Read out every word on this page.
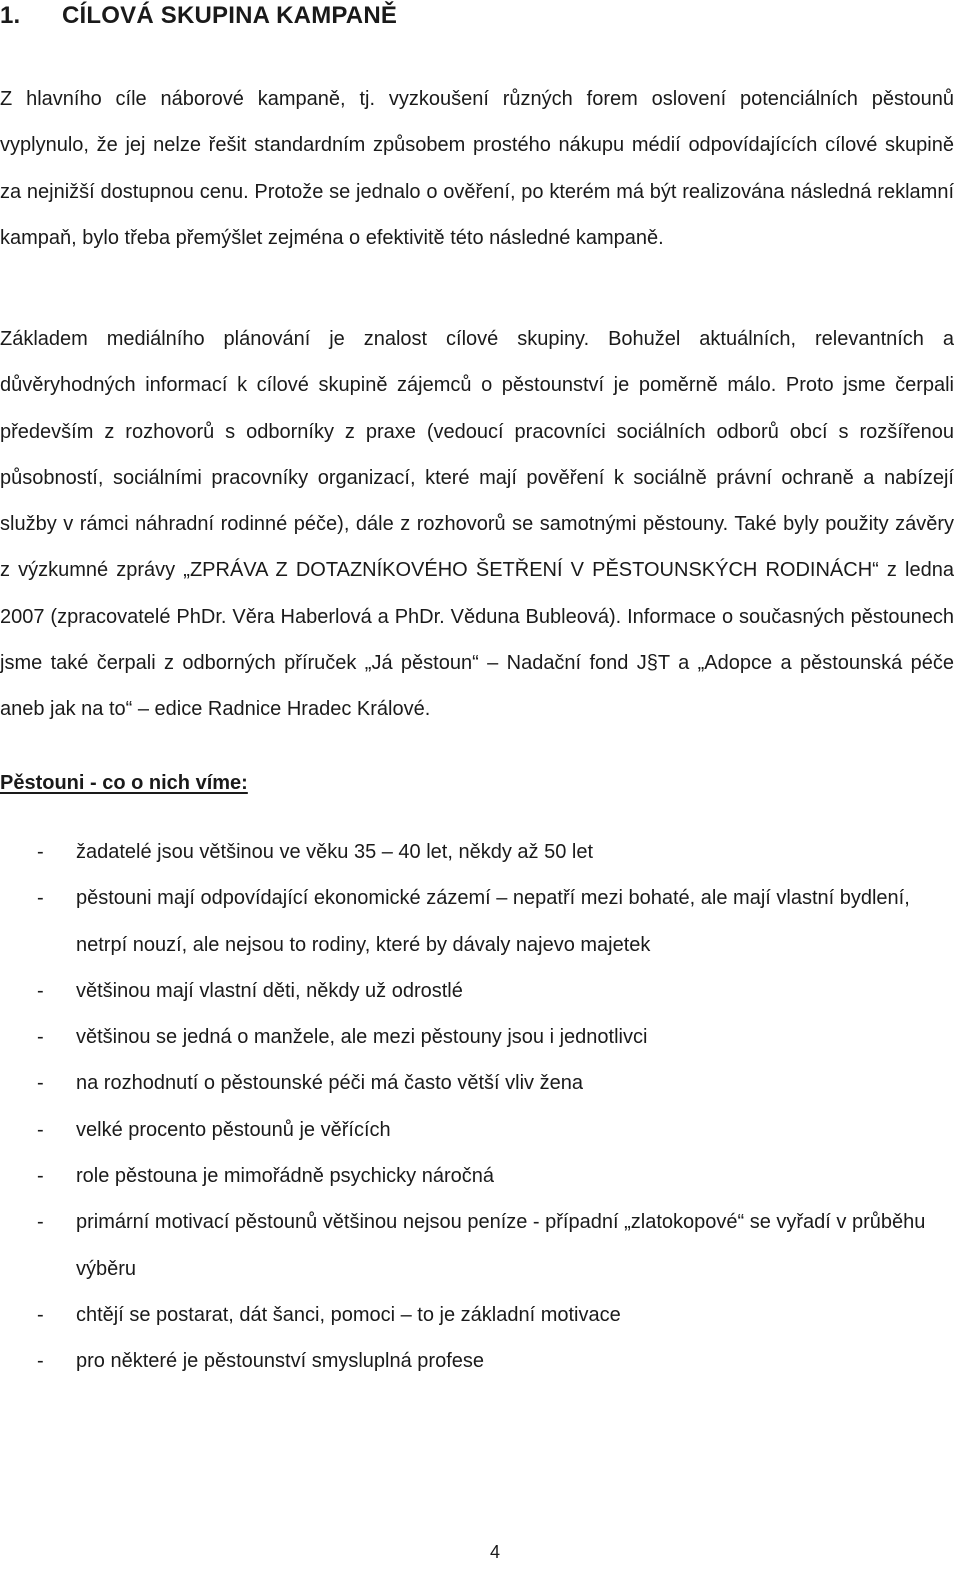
1. CÍLOVÁ SKUPINA KAMPANĚ

Z hlavního cíle náborové kampaně, tj. vyzkoušení různých forem oslovení potenciálních pěstounů vyplynulo, že jej nelze řešit standardním způsobem prostého nákupu médií odpovídajících cílové skupině za nejnižší dostupnou cenu. Protože se jednalo o ověření, po kterém má být realizována následná reklamní kampaň, bylo třeba přemýšlet zejména o efektivitě této následné kampaně.

Základem mediálního plánování je znalost cílové skupiny. Bohužel aktuálních, relevantních a důvěryhodných informací k cílové skupině zájemců o pěstounství je poměrně málo. Proto jsme čerpali především z rozhovorů s odborníky z praxe (vedoucí pracovníci sociálních odborů obcí s rozšířenou působností, sociálními pracovníky organizací, které mají pověření k sociálně právní ochraně a nabízejí služby v rámci náhradní rodinné péče), dále z rozhovorů se samotnými pěstouny. Také byly použity závěry z výzkumné zprávy „ZPRÁVA Z DOTAZNÍKOVÉHO ŠETŘENÍ V PĚSTOUNSKÝCH RODINÁCH“ z ledna 2007 (zpracovatelé PhDr. Věra Haberlová a PhDr. Věduna Bubleová). Informace o současných pěstounech jsme také čerpali z odborných příruček „Já pěstoun“ – Nadační fond J§T a „Adopce a pěstounská péče aneb jak na to“ – edice Radnice Hradec Králové.

Pěstouni - co o nich víme:
- žadatelé jsou většinou ve věku 35 – 40 let, někdy až 50 let
- pěstouni mají odpovídající ekonomické zázemí – nepatří mezi bohaté, ale mají vlastní bydlení, netrpí nouzí, ale nejsou to rodiny, které by dávaly najevo majetek
- většinou mají vlastní děti, někdy už odrostlé
- většinou se jedná o manžele, ale mezi pěstouny jsou i jednotlivci
- na rozhodnutí o pěstounské péči má často větší vliv žena
- velké procento pěstounů je věřících
- role pěstouna je mimořádně psychicky náročná
- primární motivací pěstounů většinou nejsou peníze - případní „zlatokopové“ se vyřadí v průběhu výběru
- chtějí se postarat, dát šanci, pomoci – to je základní motivace
- pro některé je pěstounství smysluplná profese
4
